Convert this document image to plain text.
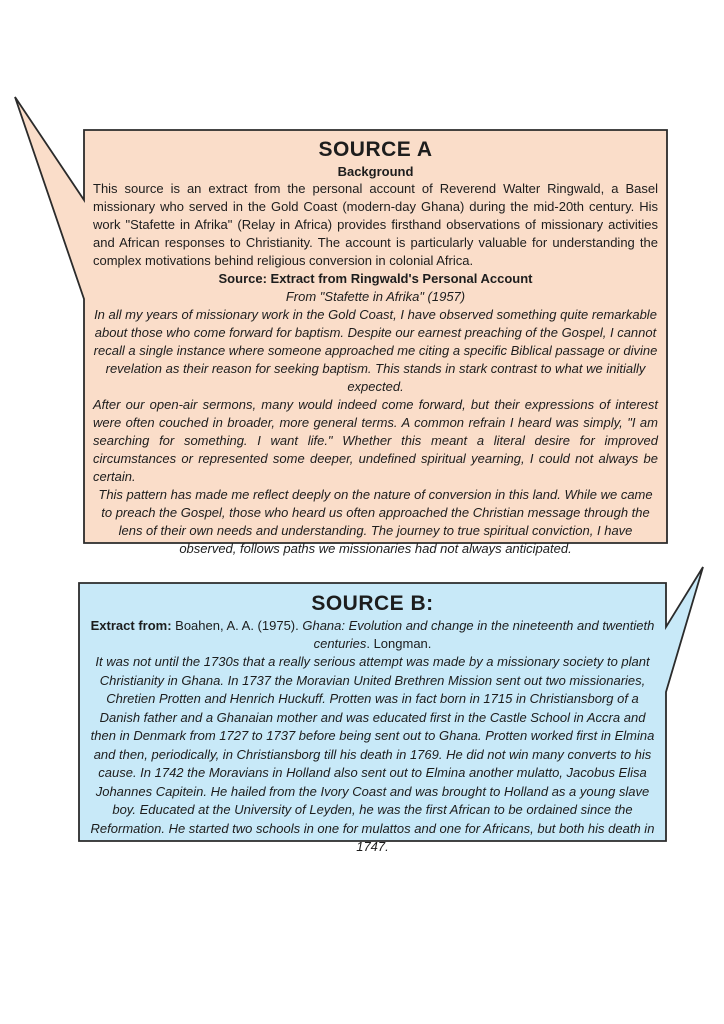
SOURCE A

Background

This source is an extract from the personal account of Reverend Walter Ringwald, a Basel missionary who served in the Gold Coast (modern-day Ghana) during the mid-20th century. His work "Stafette in Afrika" (Relay in Africa) provides firsthand observations of missionary activities and African responses to Christianity. The account is particularly valuable for understanding the complex motivations behind religious conversion in colonial Africa.

Source: Extract from Ringwald's Personal Account

From "Stafette in Afrika" (1957)

In all my years of missionary work in the Gold Coast, I have observed something quite remarkable about those who come forward for baptism. Despite our earnest preaching of the Gospel, I cannot recall a single instance where someone approached me citing a specific Biblical passage or divine revelation as their reason for seeking baptism. This stands in stark contrast to what we initially expected.

After our open-air sermons, many would indeed come forward, but their expressions of interest were often couched in broader, more general terms. A common refrain I heard was simply, "I am searching for something. I want life." Whether this meant a literal desire for improved circumstances or represented some deeper, undefined spiritual yearning, I could not always be certain.

This pattern has made me reflect deeply on the nature of conversion in this land. While we came to preach the Gospel, those who heard us often approached the Christian message through the lens of their own needs and understanding. The journey to true spiritual conviction, I have observed, follows paths we missionaries had not always anticipated.

SOURCE B:

Extract from: Boahen, A. A. (1975). Ghana: Evolution and change in the nineteenth and twentieth centuries. Longman.

It was not until the 1730s that a really serious attempt was made by a missionary society to plant Christianity in Ghana. In 1737 the Moravian United Brethren Mission sent out two missionaries, Chretien Protten and Henrich Huckuff. Protten was in fact born in 1715 in Christiansborg of a Danish father and a Ghanaian mother and was educated first in the Castle School in Accra and then in Denmark from 1727 to 1737 before being sent out to Ghana. Protten worked first in Elmina and then, periodically, in Christiansborg till his death in 1769. He did not win many converts to his cause. In 1742 the Moravians in Holland also sent out to Elmina another mulatto, Jacobus Elisa Johannes Capitein. He hailed from the Ivory Coast and was brought to Holland as a young slave boy. Educated at the University of Leyden, he was the first African to be ordained since the Reformation. He started two schools in one for mulattos and one for Africans, but both his death in 1747.
